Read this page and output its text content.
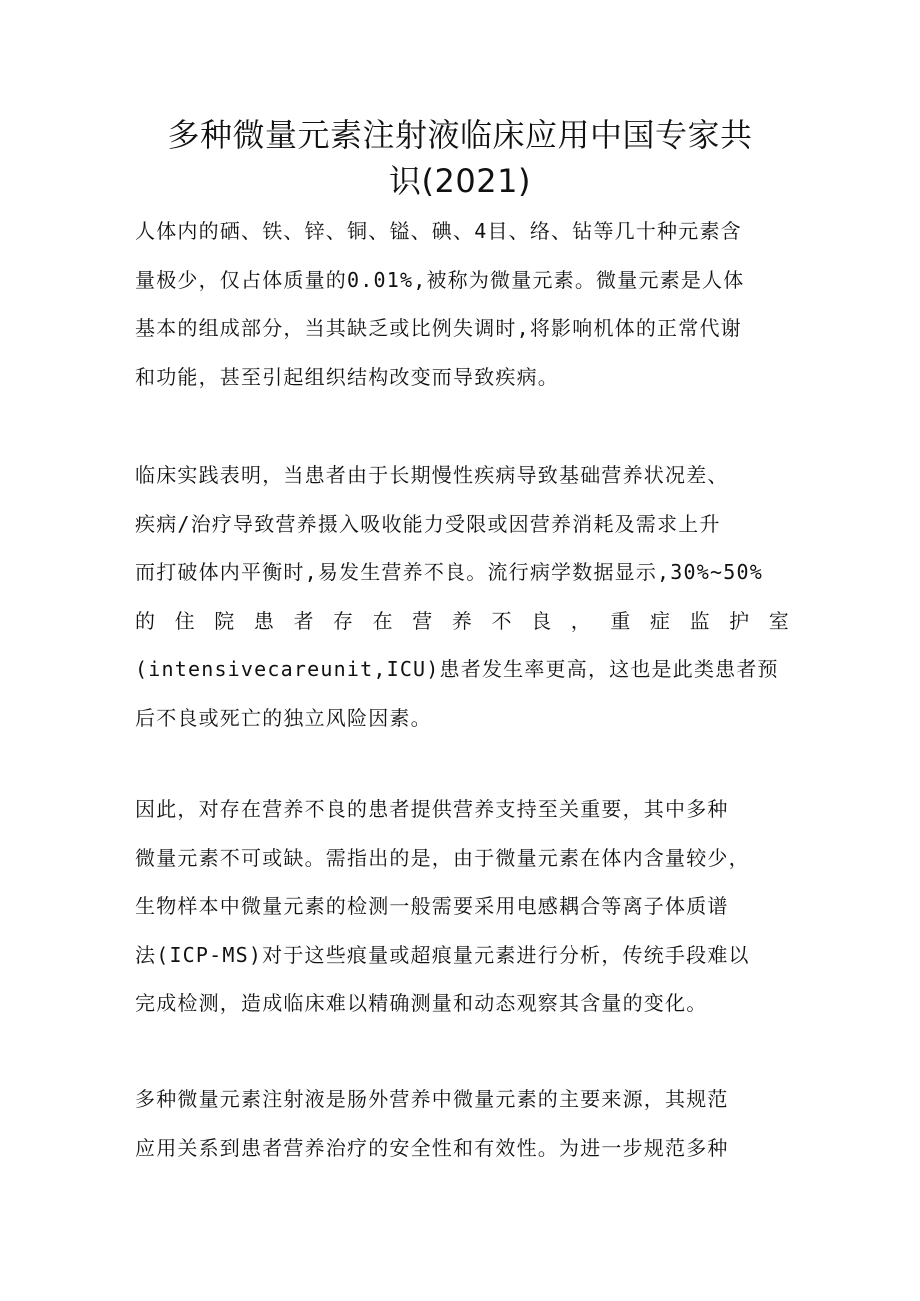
多种微量元素注射液临床应用中国专家共
识(2021)

人体内的硒、铁、锌、铜、镒、碘、4目、络、钻等几十种元素含
量极少，仅占体质量的0.01%,被称为微量元素。微量元素是人体
基本的组成部分，当其缺乏或比例失调时,将影响机体的正常代谢
和功能，甚至引起组织结构改变而导致疾病。

临床实践表明，当患者由于长期慢性疾病导致基础营养状况差、
疾病/治疗导致营养摄入吸收能力受限或因营养消耗及需求上升
而打破体内平衡时,易发生营养不良。流行病学数据显示,30%~50%
的 住 院 患 者 存 在 营 养 不 良 ， 重 症 监 护 室
(intensivecareunit,ICU)患者发生率更高，这也是此类患者预
后不良或死亡的独立风险因素。

因此，对存在营养不良的患者提供营养支持至关重要，其中多种
微量元素不可或缺。需指出的是，由于微量元素在体内含量较少，
生物样本中微量元素的检测一般需要采用电感耦合等离子体质谱
法(ICP-MS)对于这些痕量或超痕量元素进行分析，传统手段难以
完成检测，造成临床难以精确测量和动态观察其含量的变化。

多种微量元素注射液是肠外营养中微量元素的主要来源，其规范
应用关系到患者营养治疗的安全性和有效性。为进一步规范多种
